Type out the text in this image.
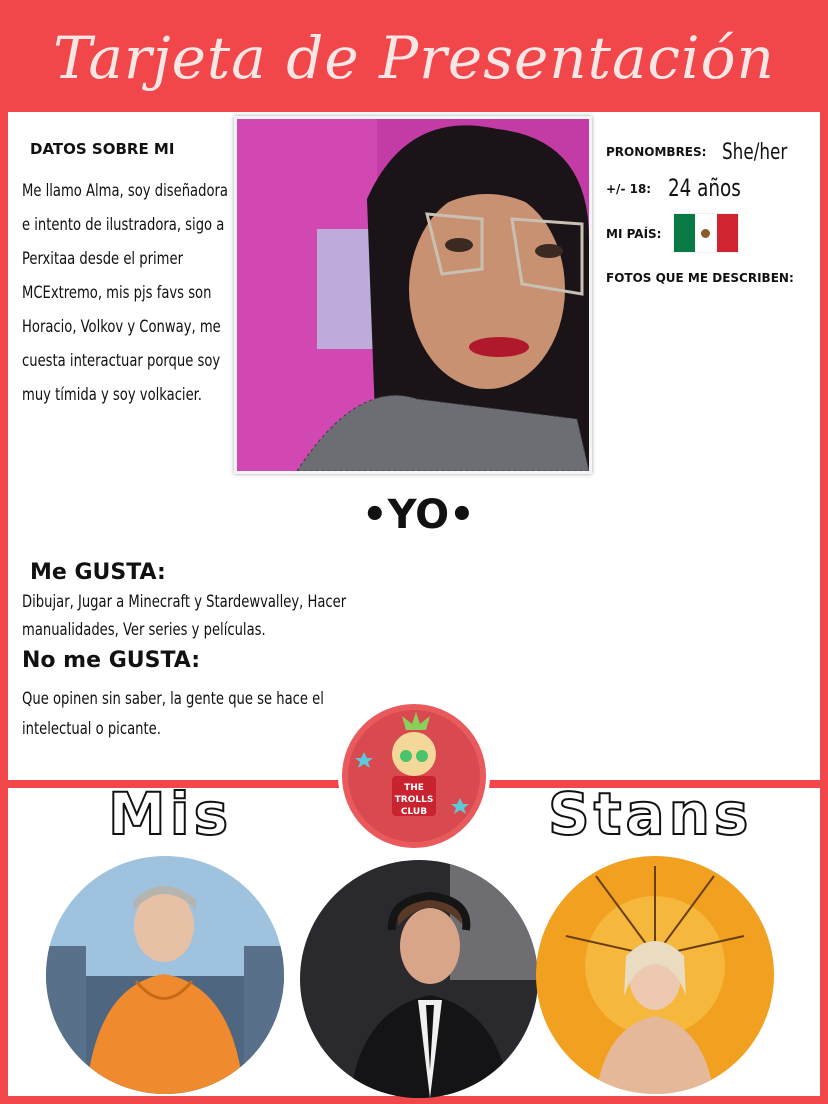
Tarjeta de Presentación
DATOS SOBRE MI
Me llamo Alma, soy diseñadora e intento de ilustradora, sigo a Perxitaa desde el primer MCExtremo, mis pjs favs son Horacio, Volkov y Conway, me cuesta interactuar porque soy muy tímida y soy volkacier.
•YO•
PRONOMBRES: She/her
+/- 18: 24 años
MI PAÍS:
FOTOS QUE ME DESCRIBEN:
Me GUSTA:
Dibujar, Jugar a Minecraft y Stardewvalley, Hacer manualidades, Ver series y películas.
No me GUSTA:
Que opinen sin saber, la gente que se hace el intelectual o picante.
Mis	Stans
THE
TROLLS
CLUB
